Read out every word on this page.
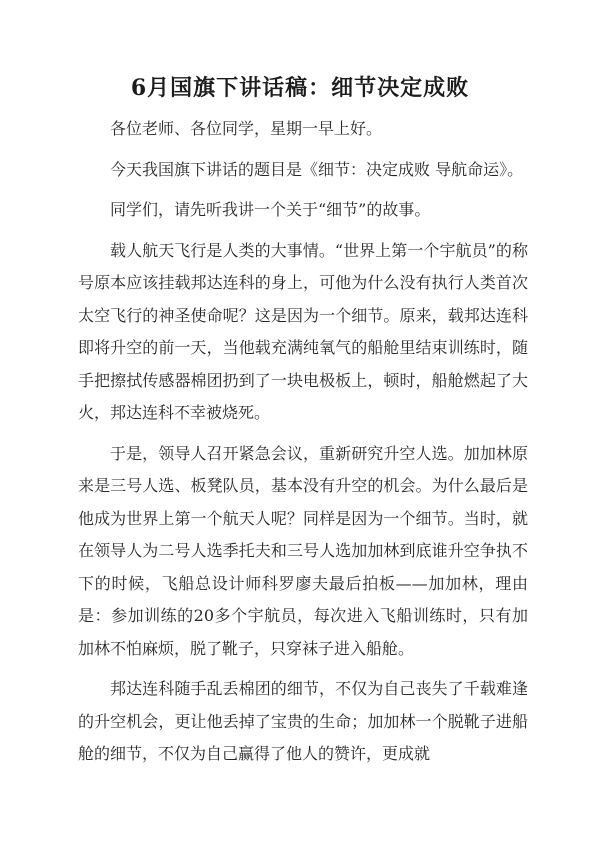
6月国旗下讲话稿：细节决定成败

各位老师、各位同学，星期一早上好。

今天我国旗下讲话的题目是《细节：决定成败 导航命运》。

同学们，请先听我讲一个关于“细节”的故事。

载人航天飞行是人类的大事情。“世界上第一个宇航员”的称号原本应该挂载邦达连科的身上，可他为什么没有执行人类首次太空飞行的神圣使命呢？这是因为一个细节。原来，载邦达连科即将升空的前一天，当他载充满纯氧气的船舱里结束训练时，随手把擦拭传感器棉团扔到了一块电极板上，顿时，船舱燃起了大火，邦达连科不幸被烧死。

于是，领导人召开紧急会议，重新研究升空人选。加加林原来是三号人选、板凳队员，基本没有升空的机会。为什么最后是他成为世界上第一个航天人呢？同样是因为一个细节。当时，就在领导人为二号人选季托夫和三号人选加加林到底谁升空争执不下的时候，飞船总设计师科罗廖夫最后拍板——加加林，理由是：参加训练的20多个宇航员，每次进入飞船训练时，只有加加林不怕麻烦，脱了靴子，只穿袜子进入船舱。

邦达连科随手乱丢棉团的细节，不仅为自己丧失了千载难逢的升空机会，更让他丢掉了宝贵的生命；加加林一个脱靴子进船舱的细节，不仅为自己赢得了他人的赞许，更成就
